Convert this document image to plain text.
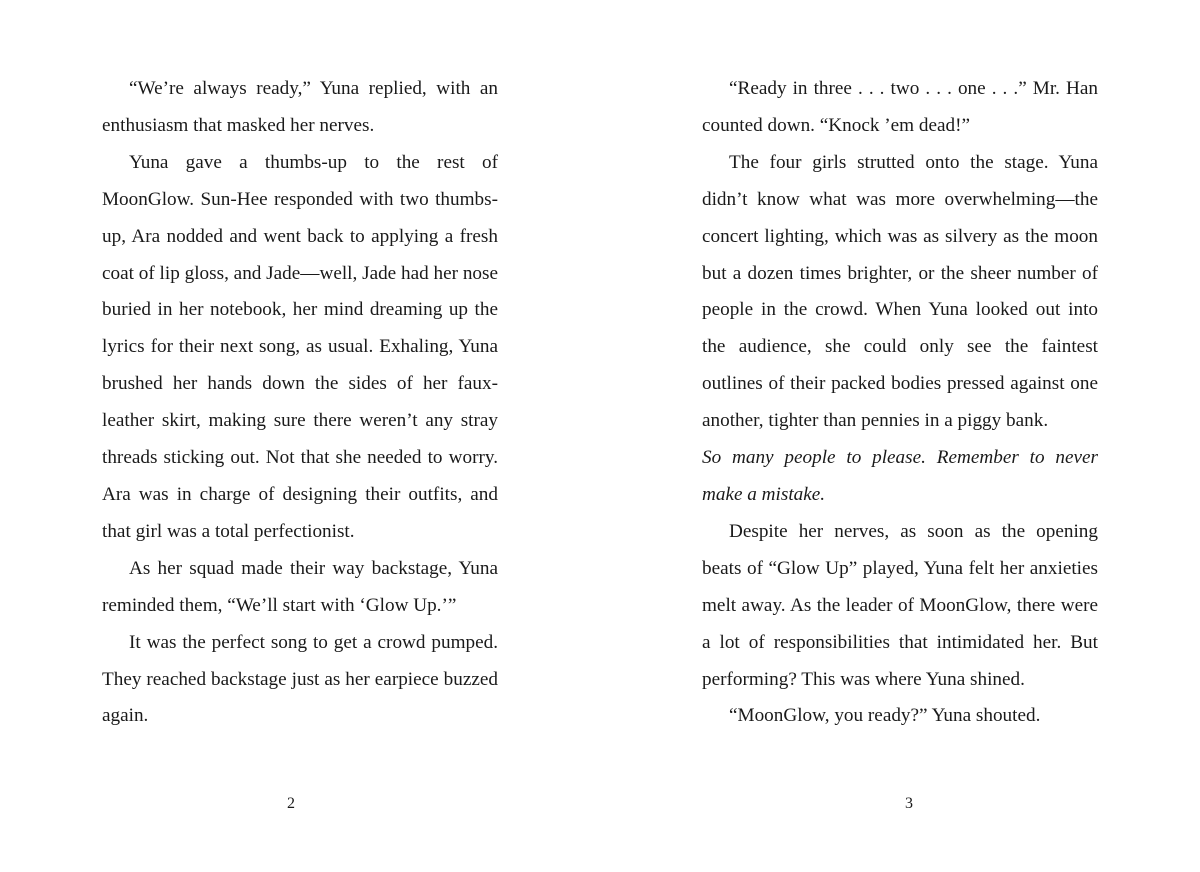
“We’re always ready,” Yuna replied, with an enthusiasm that masked her nerves.

Yuna gave a thumbs-up to the rest of MoonGlow. Sun-Hee responded with two thumbs-up, Ara nodded and went back to applying a fresh coat of lip gloss, and Jade—well, Jade had her nose buried in her notebook, her mind dreaming up the lyrics for their next song, as usual. Exhaling, Yuna brushed her hands down the sides of her faux-leather skirt, making sure there weren’t any stray threads sticking out. Not that she needed to worry. Ara was in charge of designing their outfits, and that girl was a total perfectionist.

As her squad made their way backstage, Yuna reminded them, “We’ll start with ‘Glow Up.’”

It was the perfect song to get a crowd pumped. They reached backstage just as her earpiece buzzed again.

2

“Ready in three . . . two . . . one . . .” Mr. Han counted down. “Knock ’em dead!”

The four girls strutted onto the stage. Yuna didn’t know what was more overwhelming—the concert lighting, which was as silvery as the moon but a dozen times brighter, or the sheer number of people in the crowd. When Yuna looked out into the audience, she could only see the faintest outlines of their packed bodies pressed against one another, tighter than pennies in a piggy bank.

So many people to please. Remember to never make a mistake.

Despite her nerves, as soon as the opening beats of “Glow Up” played, Yuna felt her anxieties melt away. As the leader of MoonGlow, there were a lot of responsibilities that intimidated her. But performing? This was where Yuna shined.

“MoonGlow, you ready?” Yuna shouted.

3
